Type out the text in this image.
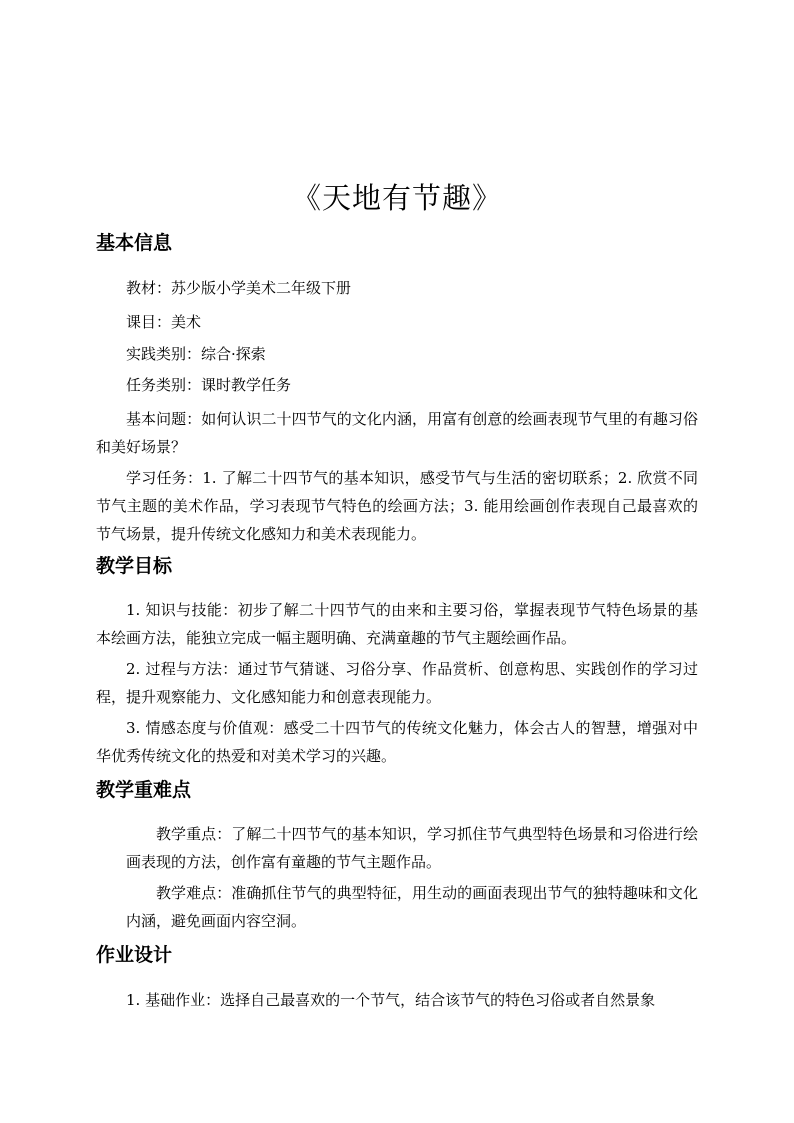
《天地有节趣》
基本信息
教材：苏少版小学美术二年级下册
课目：美术
实践类别：综合·探索
任务类别：课时教学任务
基本问题：如何认识二十四节气的文化内涵，用富有创意的绘画表现节气里的有趣习俗和美好场景？
学习任务：1. 了解二十四节气的基本知识，感受节气与生活的密切联系；2. 欣赏不同节气主题的美术作品，学习表现节气特色的绘画方法；3. 能用绘画创作表现自己最喜欢的节气场景，提升传统文化感知力和美术表现能力。
教学目标
1. 知识与技能：初步了解二十四节气的由来和主要习俗，掌握表现节气特色场景的基本绘画方法，能独立完成一幅主题明确、充满童趣的节气主题绘画作品。
2. 过程与方法：通过节气猜谜、习俗分享、作品赏析、创意构思、实践创作的学习过程，提升观察能力、文化感知能力和创意表现能力。
3. 情感态度与价值观：感受二十四节气的传统文化魅力，体会古人的智慧，增强对中华优秀传统文化的热爱和对美术学习的兴趣。
教学重难点
教学重点：了解二十四节气的基本知识，学习抓住节气典型特色场景和习俗进行绘画表现的方法，创作富有童趣的节气主题作品。
教学难点：准确抓住节气的典型特征，用生动的画面表现出节气的独特趣味和文化内涵，避免画面内容空洞。
作业设计
1. 基础作业：选择自己最喜欢的一个节气，结合该节气的特色习俗或者自然景象
